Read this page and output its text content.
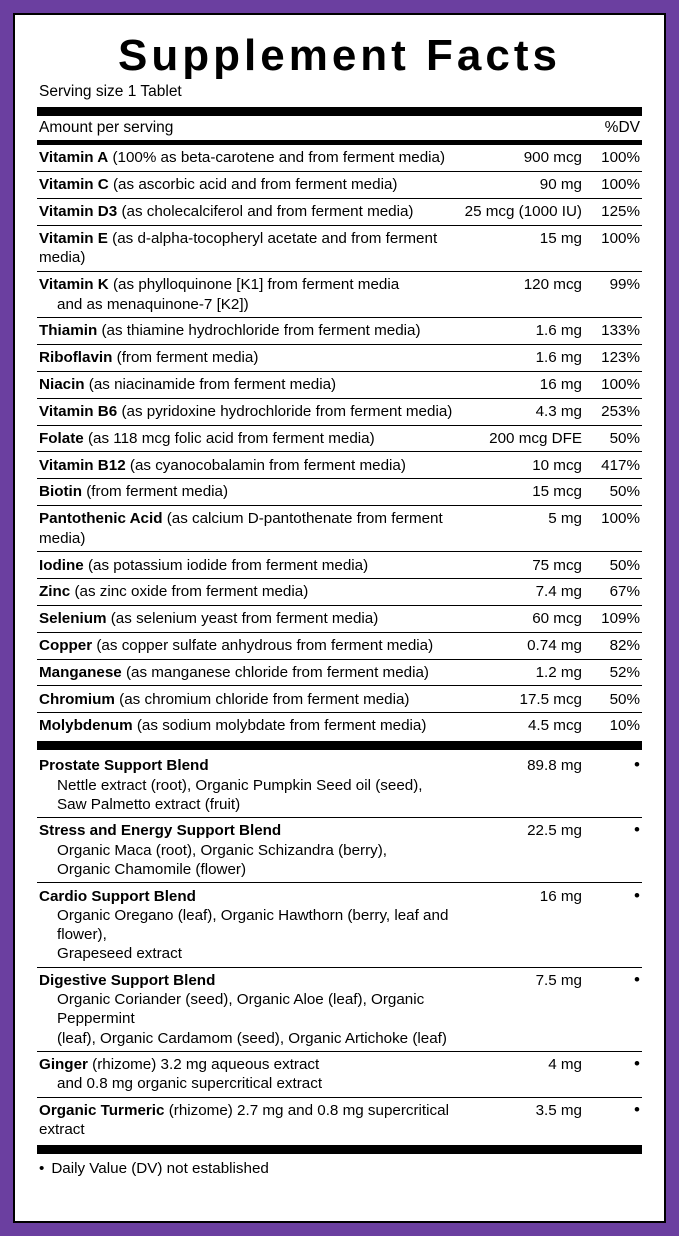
Supplement Facts
Serving size 1 Tablet
Amount per serving	%DV
Vitamin A (100% as beta-carotene and from ferment media)	900 mcg	100%
Vitamin C (as ascorbic acid and from ferment media)	90 mg	100%
Vitamin D3 (as cholecalciferol and from ferment media)	25 mcg (1000 IU)	125%
Vitamin E (as d-alpha-tocopheryl acetate and from ferment media)
15 mg	100%
Vitamin K (as phylloquinone [K1] from ferment media
and as menaquinone-7 [K2])
120 mcg	99%
Thiamin (as thiamine hydrochloride from ferment media)	1.6 mg	133%
Riboflavin (from ferment media)	1.6 mg	123%
Niacin (as niacinamide from ferment media)	16 mg	100%
Vitamin B6 (as pyridoxine hydrochloride from ferment media)	4.3 mg	253%
Folate (as 118 mcg folic acid from ferment media)	200 mcg DFE	50%
Vitamin B12 (as cyanocobalamin from ferment media)	10 mcg	417%
Biotin (from ferment media)	15 mcg	50%
Pantothenic Acid (as calcium D-pantothenate from ferment media)
5 mg	100%
Iodine (as potassium iodide from ferment media)	75 mcg	50%
Zinc (as zinc oxide from ferment media)	7.4 mg	67%
Selenium (as selenium yeast from ferment media)	60 mcg	109%
Copper (as copper sulfate anhydrous from ferment media)	0.74 mg	82%
Manganese (as manganese chloride from ferment media)	1.2 mg	52%
Chromium (as chromium chloride from ferment media)	17.5 mcg	50%
Molybdenum (as sodium molybdate from ferment media)	4.5 mcg	10%
Prostate Support Blend
Nettle extract (root), Organic Pumpkin Seed oil (seed),
Saw Palmetto extract (fruit)
89.8 mg	•
Stress and Energy Support Blend
Organic Maca (root), Organic Schizandra (berry),
Organic Chamomile (flower)
22.5 mg	•
Cardio Support Blend
Organic Oregano (leaf), Organic Hawthorn (berry, leaf and flower),
Grapeseed extract
16 mg	•
Digestive Support Blend
Organic Coriander (seed), Organic Aloe (leaf), Organic Peppermint
(leaf), Organic Cardamom (seed), Organic Artichoke (leaf)
7.5 mg	•
Ginger (rhizome) 3.2 mg aqueous extract
and 0.8 mg organic supercritical extract
4 mg	•
Organic Turmeric (rhizome) 2.7 mg and 0.8 mg supercritical extract
3.5 mg	•
• Daily Value (DV) not established
